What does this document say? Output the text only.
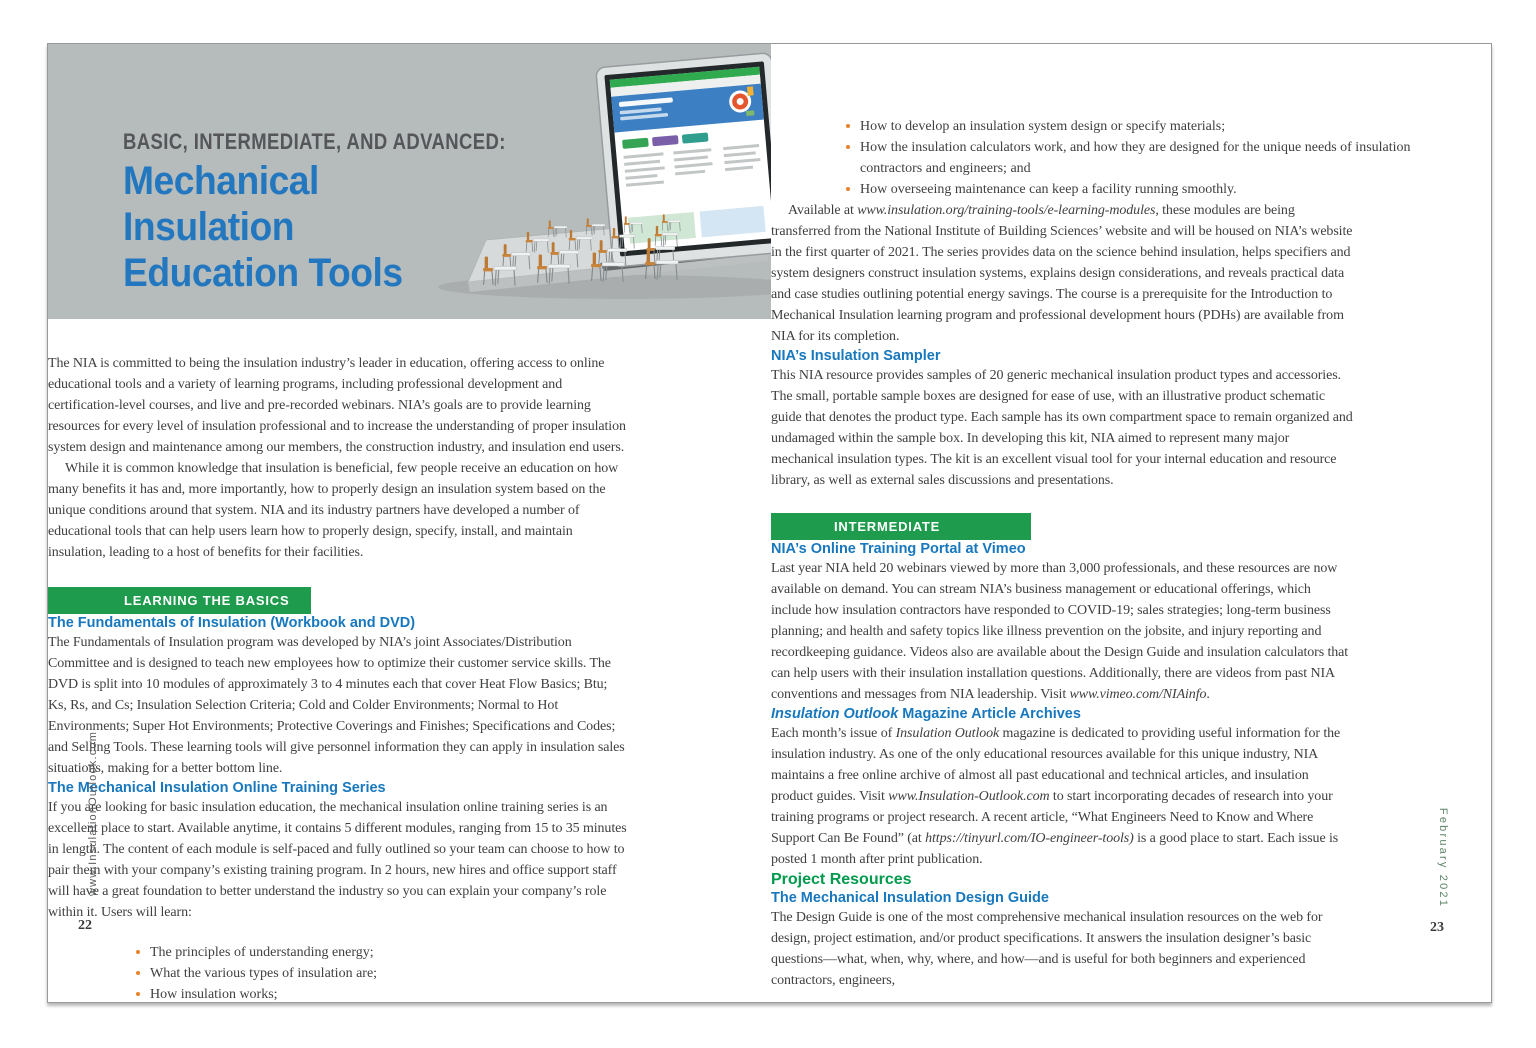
BASIC, INTERMEDIATE, AND ADVANCED:
Mechanical
Insulation
Education Tools

The NIA is committed to being the insulation industry’s leader in education, offering access to online educational tools and a variety of learning programs, including professional development and certification-level courses, and live and pre-recorded webinars. NIA’s goals are to provide learning resources for every level of insulation professional and to increase the understanding of proper insulation system design and maintenance among our members, the construction industry, and insulation end users.

While it is common knowledge that insulation is beneficial, few people receive an education on how many benefits it has and, more importantly, how to properly design an insulation system based on the unique conditions around that system. NIA and its industry partners have developed a number of educational tools that can help users learn how to properly design, specify, install, and maintain insulation, leading to a host of benefits for their facilities.

LEARNING THE BASICS
The Fundamentals of Insulation (Workbook and DVD)

The Fundamentals of Insulation program was developed by NIA’s joint Associates/Distribution Committee and is designed to teach new employees how to optimize their customer service skills. The DVD is split into 10 modules of approximately 3 to 4 minutes each that cover Heat Flow Basics; Btu; Ks, Rs, and Cs; Insulation Selection Criteria; Cold and Colder Environments; Normal to Hot Environments; Super Hot Environments; Protective Coverings and Finishes; Specifications and Codes; and Selling Tools. These learning tools will give personnel information they can apply in insulation sales situations, making for a better bottom line.

The Mechanical Insulation Online Training Series

If you are looking for basic insulation education, the mechanical insulation online training series is an excellent place to start. Available anytime, it contains 5 different modules, ranging from 15 to 35 minutes in length. The content of each module is self-paced and fully outlined so your team can choose to how to pair them with your company’s existing training program. In 2 hours, new hires and office support staff will have a great foundation to better understand the industry so you can explain your company’s role within it. Users will learn:

The principles of understanding energy;
What the various types of insulation are;
How insulation works;
How to develop an insulation system design or specify materials;
How the insulation calculators work, and how they are designed for the unique needs of insulation contractors and engineers; and
How overseeing maintenance can keep a facility running smoothly.

Available at www.insulation.org/training-tools/e-learning-modules, these modules are being transferred from the National Institute of Building Sciences’ website and will be housed on NIA’s website in the first quarter of 2021. The series provides data on the science behind insulation, helps specifiers and system designers construct insulation systems, explains design considerations, and reveals practical data and case studies outlining potential energy savings. The course is a prerequisite for the Introduction to Mechanical Insulation learning program and professional development hours (PDHs) are available from NIA for its completion.

NIA’s Insulation Sampler

This NIA resource provides samples of 20 generic mechanical insulation product types and accessories. The small, portable sample boxes are designed for ease of use, with an illustrative product schematic guide that denotes the product type. Each sample has its own compartment space to remain organized and undamaged within the sample box. In developing this kit, NIA aimed to represent many major mechanical insulation types. The kit is an excellent visual tool for your internal education and resource library, as well as external sales discussions and presentations.

INTERMEDIATE
NIA’s Online Training Portal at Vimeo

Last year NIA held 20 webinars viewed by more than 3,000 professionals, and these resources are now available on demand. You can stream NIA’s business management or educational offerings, which include how insulation contractors have responded to COVID-19; sales strategies; long-term business planning; and health and safety topics like illness prevention on the jobsite, and injury reporting and recordkeeping guidance. Videos also are available about the Design Guide and insulation calculators that can help users with their insulation installation questions. Additionally, there are videos from past NIA conventions and messages from NIA leadership. Visit www.vimeo.com/NIAinfo.

Insulation Outlook Magazine Article Archives

Each month’s issue of Insulation Outlook magazine is dedicated to providing useful information for the insulation industry. As one of the only educational resources available for this unique industry, NIA maintains a free online archive of almost all past educational and technical articles, and insulation product guides. Visit www.Insulation-Outlook.com to start incorporating decades of research into your training programs or project research. A recent article, “What Engineers Need to Know and Where Support Can Be Found” (at https://tinyurl.com/IO-engineer-tools) is a good place to start. Each issue is posted 1 month after print publication.

Project Resources
The Mechanical Insulation Design Guide

The Design Guide is one of the most comprehensive mechanical insulation resources on the web for design, project estimation, and/or product specifications. It answers the insulation designer’s basic questions—what, when, why, where, and how—and is useful for both beginners and experienced contractors, engineers,

www.InsulationOutlook.com	February 2021
22	23
